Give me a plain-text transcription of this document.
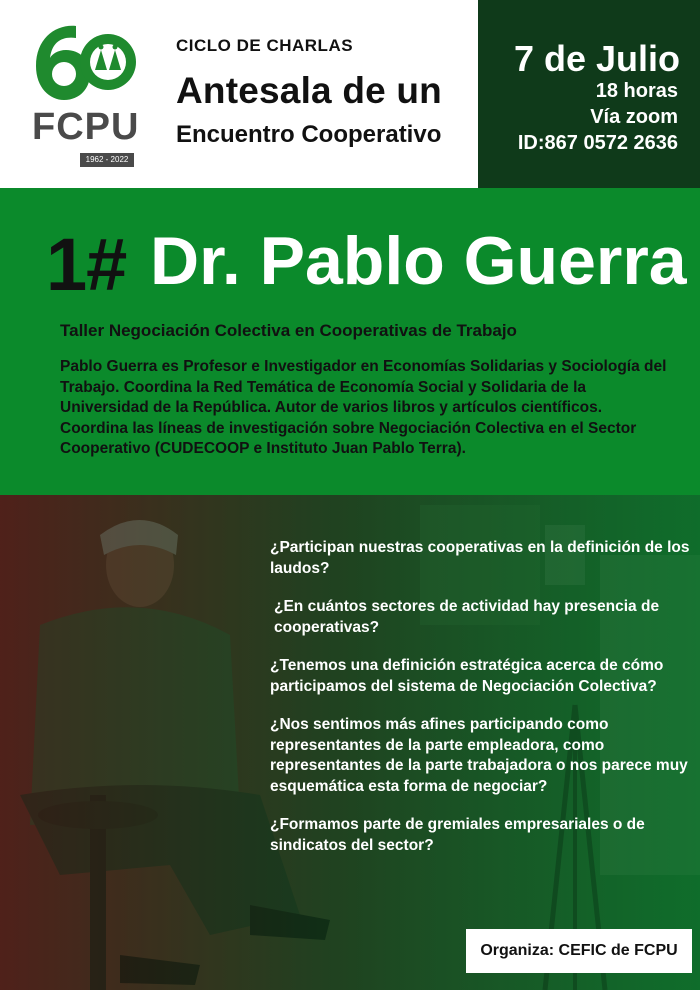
FCPU
1962 - 2022
CICLO DE CHARLAS
Antesala de un
Encuentro Cooperativo
7 de Julio
18 horas
Vía zoom
ID:867 0572 2636
1# Dr. Pablo Guerra
Taller Negociación Colectiva en Cooperativas de Trabajo
Pablo Guerra es Profesor e Investigador en Economías Solidarias y Sociología del Trabajo. Coordina la Red Temática de Economía Social y Solidaria de la Universidad de la República. Autor de varios libros y artículos científicos. Coordina las líneas de investigación sobre Negociación Colectiva en el Sector Cooperativo (CUDECOOP e Instituto Juan Pablo Terra).
¿Participan nuestras cooperativas en la definición de los laudos?
¿En cuántos sectores de actividad hay presencia de cooperativas?
¿Tenemos una definición estratégica acerca de cómo participamos del sistema de Negociación Colectiva?
¿Nos sentimos más afines participando como representantes de la parte empleadora, como representantes de la parte trabajadora o nos parece muy esquemática esta forma de negociar?
¿Formamos parte de gremiales empresariales o de sindicatos del sector?
Organiza: CEFIC de FCPU
